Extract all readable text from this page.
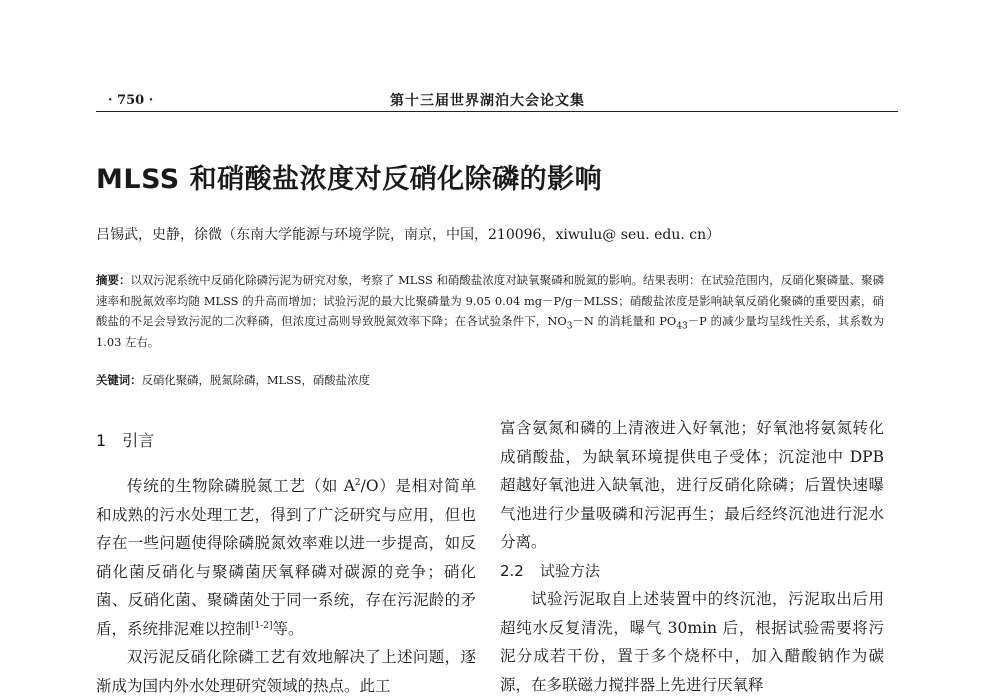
· 750 ·	第十三届世界湖泊大会论文集
MLSS 和硝酸盐浓度对反硝化除磷的影响
吕锡武，史静，徐微（东南大学能源与环境学院，南京，中国，210096，xiwulu@ seu. edu. cn）
摘要：以双污泥系统中反硝化除磷污泥为研究对象，考察了 MLSS 和硝酸盐浓度对缺氧聚磷和脱氮的影响。结果表明：在试验范围内，反硝化聚磷量、聚磷速率和脱氮效率均随 MLSS 的升高而增加；试验污泥的最大比聚磷量为 9.05 0.04 mg－P/g－MLSS；硝酸盐浓度是影响缺氧反硝化聚磷的重要因素，硝酸盐的不足会导致污泥的二次释磷，但浓度过高则导致脱氮效率下降；在各试验条件下，$NO_3-N$ 的消耗量和 $PO_{43}-P$ 的减少量均呈线性关系，其系数为 1.03 左右。
关键词：反硝化聚磷，脱氮除磷，MLSS，硝酸盐浓度
1 引言

传统的生物除磷脱氮工艺（如 $A^2/O$）是相对简单和成熟的污水处理工艺，得到了广泛研究与应用，但也存在一些问题使得除磷脱氮效率难以进一步提高，如反硝化菌反硝化与聚磷菌厌氧释磷对碳源的竞争；硝化菌、反硝化菌、聚磷菌处于同一系统，存在污泥龄的矛盾，系统排泥难以控制[1-2]等。

双污泥反硝化除磷工艺有效地解决了上述问题，逐渐成为国内外水处理研究领域的热点。此工

富含氨氮和磷的上清液进入好氧池；好氧池将氨氮转化成硝酸盐，为缺氧环境提供电子受体；沉淀池中 DPB 超越好氧池进入缺氧池，进行反硝化除磷；后置快速曝气池进行少量吸磷和污泥再生；最后经终沉池进行泥水分离。

2.2 试验方法

试验污泥取自上述装置中的终沉池，污泥取出后用超纯水反复清洗，曝气 30min 后，根据试验需要将污泥分成若干份，置于多个烧杯中，加入醋酸钠作为碳源，在多联磁力搅拌器上先进行厌氧释
